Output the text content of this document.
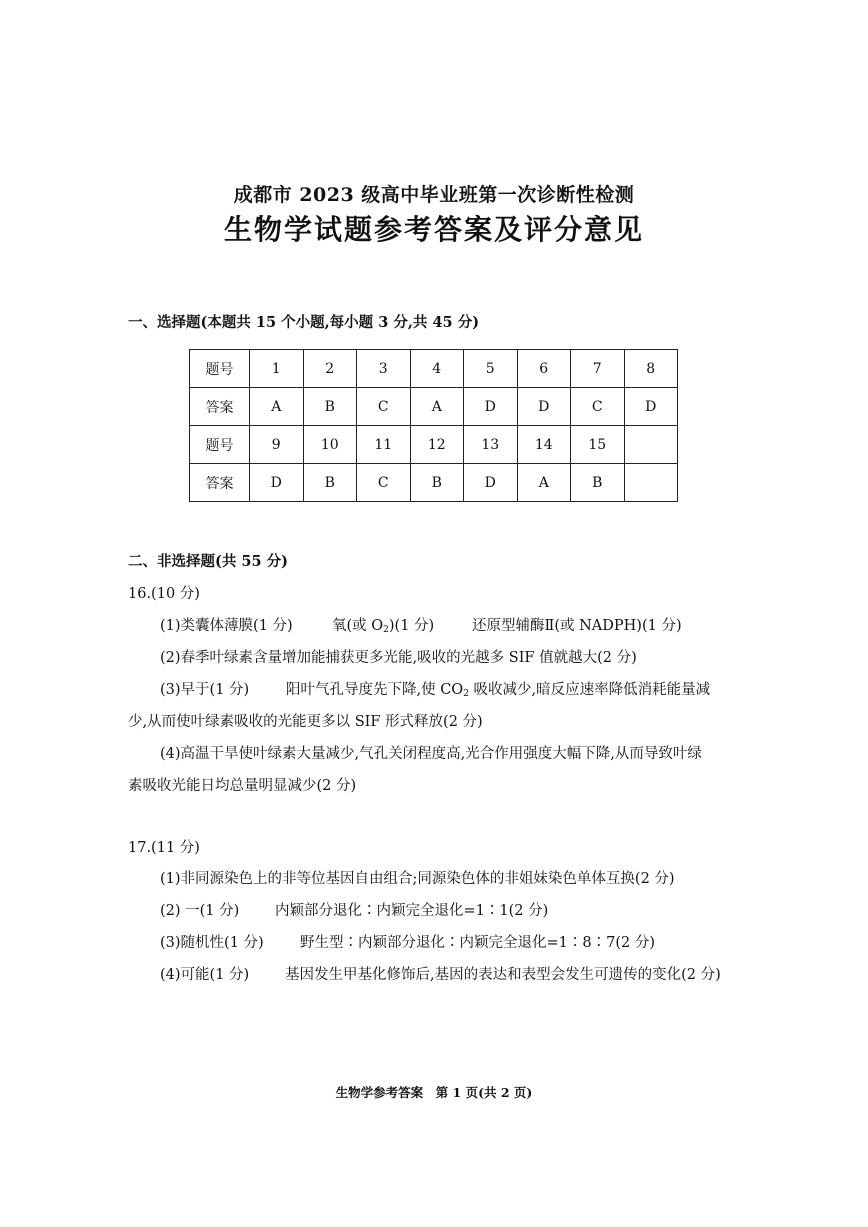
成都市 2023 级高中毕业班第一次诊断性检测
生物学试题参考答案及评分意见
一、选择题(本题共 15 个小题,每小题 3 分,共 45 分)
题号	1	2	3	4	5	6	7	8
答案	A	B	C	A	D	D	C	D
题号	9	10	11	12	13	14	15	
答案	D	B	C	B	D	A	B	
二、非选择题(共 55 分)
16.(10 分)
(1)类囊体薄膜(1 分)	氧(或 $O_2)(1$ 分)	还原型辅酶Ⅱ(或 NADPH)(1 分)
(2)春季叶绿素含量增加能捕获更多光能,吸收的光越多 SIF 值就越大(2 分)
(3)早于(1 分)	阳叶气孔导度先下降,使 $CO_2$ 吸收减少,暗反应速率降低消耗能量减
少,从而使叶绿素吸收的光能更多以 SIF 形式释放(2 分)
(4)高温干旱使叶绿素大量减少,气孔关闭程度高,光合作用强度大幅下降,从而导致叶绿
素吸收光能日均总量明显减少(2 分)
17.(11 分)
(1)非同源染色上的非等位基因自由组合;同源染色体的非姐妹染色单体互换(2 分)
(2) 一(1 分) 内颖部分退化∶内颖完全退化=1∶1(2 分)
(3)随机性(1 分)	野生型∶内颖部分退化∶内颖完全退化=1∶8∶7(2 分)
(4)可能(1 分) 基因发生甲基化修饰后,基因的表达和表型会发生可遗传的变化(2 分)
生物学参考答案　第 1 页(共 2 页)
